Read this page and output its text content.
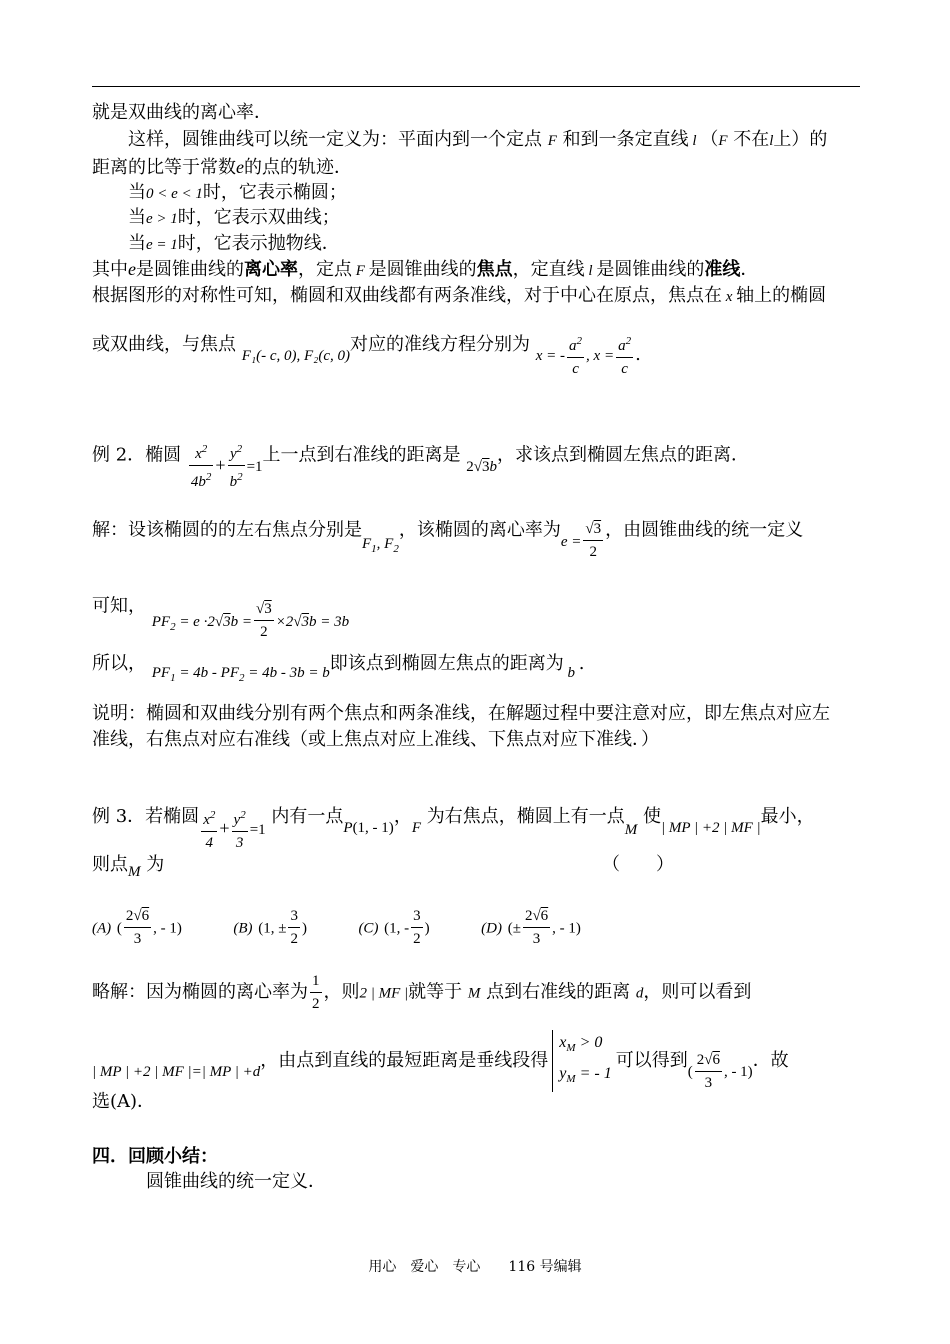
就是双曲线的离心率．
这样，圆锥曲线可以统一定义为：平面内到一个定点 F 和到一条定直线 l （F 不在l上）的
距离的比等于常数e的点的轨迹．
当0 < e < 1时，它表示椭圆；
当e > 1时，它表示双曲线；
当e = 1时，它表示抛物线．
其中e是圆锥曲线的离心率，定点 F 是圆锥曲线的焦点，定直线 l 是圆锥曲线的准线．
根据图形的对称性可知，椭圆和双曲线都有两条准线，对于中心在原点，焦点在 x 轴上的椭圆
或双曲线，与焦点 $_{F_1(- c, 0), F_2(c, 0)}$对应的准线方程分别为 $_{x = -} \frac{a^2}{c} _{, x =} \frac{a^2}{c}$ .
例 2．椭圆 $\frac{x^2}{4b^2} + \frac{y^2}{b^2} _{=1}$上一点到右准线的距离是 $_{2√3b}$，求该点到椭圆左焦点的距离．
解：设该椭圆的的左右焦点分别是$_{F_1, F_2}$，该椭圆的离心率为$_{e =} \frac{√3}{2}$ ，由圆锥曲线的统一定义
可知， $_{PF_2 = e \cdot 2√3b =} \frac{√3}{2} _{\times 2√3b = 3b}$
所以， $_{PF_1 = 4b - PF_2 = 4b - 3b = b}$即该点到椭圆左焦点的距离为 $_b$ .
说明：椭圆和双曲线分别有两个焦点和两条准线，在解题过程中要注意对应，即左焦点对应左
准线，右焦点对应右准线（或上焦点对应上准线、下焦点对应下准线．）
例 3．若椭圆 $\frac{x^2}{4} + \frac{y^2}{3} _{=1}$ 内有一点$_{P(1, - 1)}$，$_F$ 为右焦点，椭圆上有一点$_M$ 使$_{| MP | +2 | MF |}$最小，
则点$_M$ 为	（　　）
(A) ( $\frac{2√6}{3}$ , - 1)	(B) (1, ± $\frac{3}{2}$ )	(C) (1, - $\frac{3}{2}$ )	(D) (± $\frac{2√6}{3}$ , - 1)
略解：因为椭圆的离心率为 $\frac{1}{2}$ ，则2 | MF |就等于 M 点到右准线的距离 d，则可以看到
$_{| MP | +2 | MF |=| MP | +d}$，由点到直线的最短距离是垂线段得
$x_M > 0$
$y_M$ = - 1
可以得到$_( \frac{2√6}{3} _{, - 1)}$．故
选(A)．
四．回顾小结：
圆锥曲线的统一定义．
用心　爱心　专心　　116 号编辑
